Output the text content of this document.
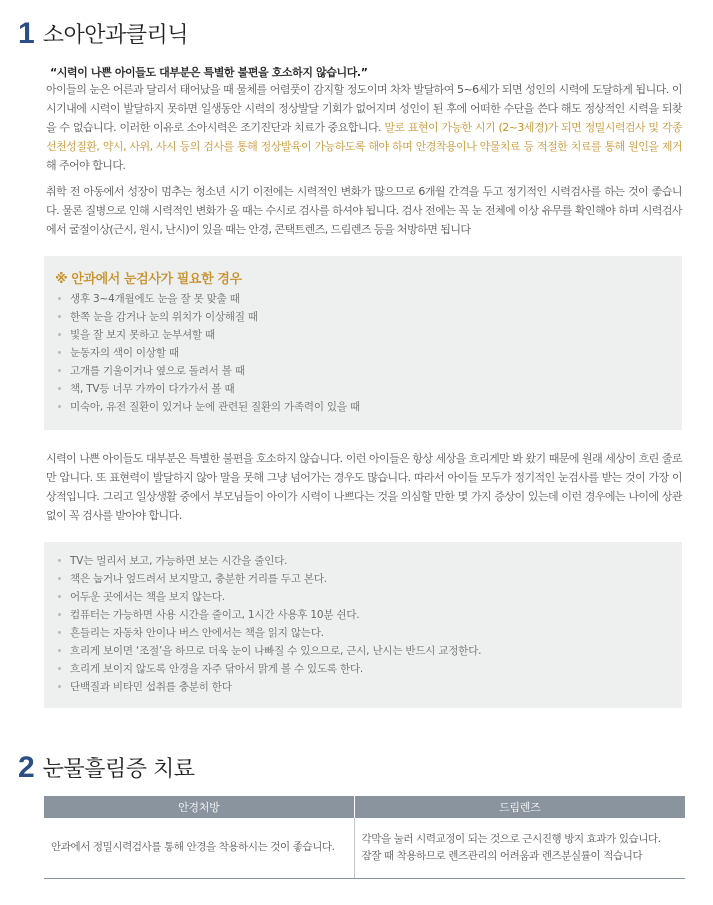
1 소아안과클리닉
“시력이 나쁜 아이들도 대부분은 특별한 불편을 호소하지 않습니다.”
아이들의 눈은 어른과 달리서 태어났을 때 물체를 어렴풋이 감지할 정도이며 차차 발달하여 5~6세가 되면 성인의 시력에 도달하게 됩니다. 이 시기내에 시력이 발달하지 못하면 일생동안 시력의 정상발달 기회가 없어지며 성인이 된 후에 어떠한 수단을 쓴다 해도 정상적인 시력을 되찾을 수 없습니다. 이러한 이유로 소아시력은 조기진단과 치료가 중요합니다. 말로 표현이 가능한 시기 (2~3세경)가 되면 정밀시력검사 및 각종 선천성질환, 약시, 사위, 사시 등의 검사를 통해 정상발육이 가능하도록 해야 하며 안경착용이나 약물치료 등 적절한 치료를 통해 원인을 제거해 주어야 합니다.
취학 전 아동에서 성장이 멈추는 청소년 시기 이전에는 시력적인 변화가 많으므로 6개월 간격을 두고 정기적인 시력검사를 하는 것이 좋습니다. 물론 질병으로 인해 시력적인 변화가 올 때는 수시로 검사를 하셔야 됩니다. 검사 전에는 꼭 눈 전체에 이상 유무를 확인해야 하며 시력검사에서 굴절이상(근시, 원시, 난시)이 있을 때는 안경, 콘택트렌즈, 드림렌즈 등을 처방하면 됩니다
※ 안과에서 눈검사가 필요한 경우
생후 3~4개월에도 눈을 잘 못 맞출 때
한쪽 눈을 감거나 눈의 위치가 이상해질 때
빛을 잘 보지 못하고 눈부셔할 때
눈동자의 색이 이상할 때
고개를 기울이거나 옆으로 돌려서 볼 때
책, TV등 너무 가까이 다가가서 볼 때
미숙아, 유전 질환이 있거나 눈에 관련된 질환의 가족력이 있을 때
시력이 나쁜 아이들도 대부분은 특별한 불편을 호소하지 않습니다. 이런 아이들은 항상 세상을 흐리게만 봐 왔기 때문에 원래 세상이 흐린 줄로만 압니다. 또 표현력이 발달하지 않아 말을 못해 그냥 넘어가는 경우도 많습니다. 따라서 아이들 모두가 정기적인 눈검사를 받는 것이 가장 이상적입니다. 그리고 일상생활 중에서 부모님들이 아이가 시력이 나쁘다는 것을 의심할 만한 몇 가지 증상이 있는데 이런 경우에는 나이에 상관없이 꼭 검사를 받아야 합니다.
TV는 멀리서 보고, 가능하면 보는 시간을 줄인다.
책은 눕거나 엎드려서 보지말고, 충분한 거리를 두고 본다.
어두운 곳에서는 책을 보지 않는다.
컴퓨터는 가능하면 사용 시간을 줄이고, 1시간 사용후 10분 쉰다.
흔들리는 자동차 안이나 버스 안에서는 책을 읽지 않는다.
흐리게 보이면 ‘조절’을 하므로 더욱 눈이 나빠질 수 있으므로, 근시, 난시는 반드시 교정한다.
흐리게 보이지 않도록 안경을 자주 닦아서 맑게 볼 수 있도록 한다.
단백질과 비타민 섭취를 충분히 한다
2 눈물흘림증 치료
안경처방	드림렌즈
안과에서 정밀시력검사를 통해 안경을 착용하시는 것이 좋습니다.	각막을 눌러 시력교정이 되는 것으로 근시진행 방지 효과가 있습니다.
잠잘 때 착용하므로 렌즈관리의 어려움과 렌즈분실률이 적습니다
